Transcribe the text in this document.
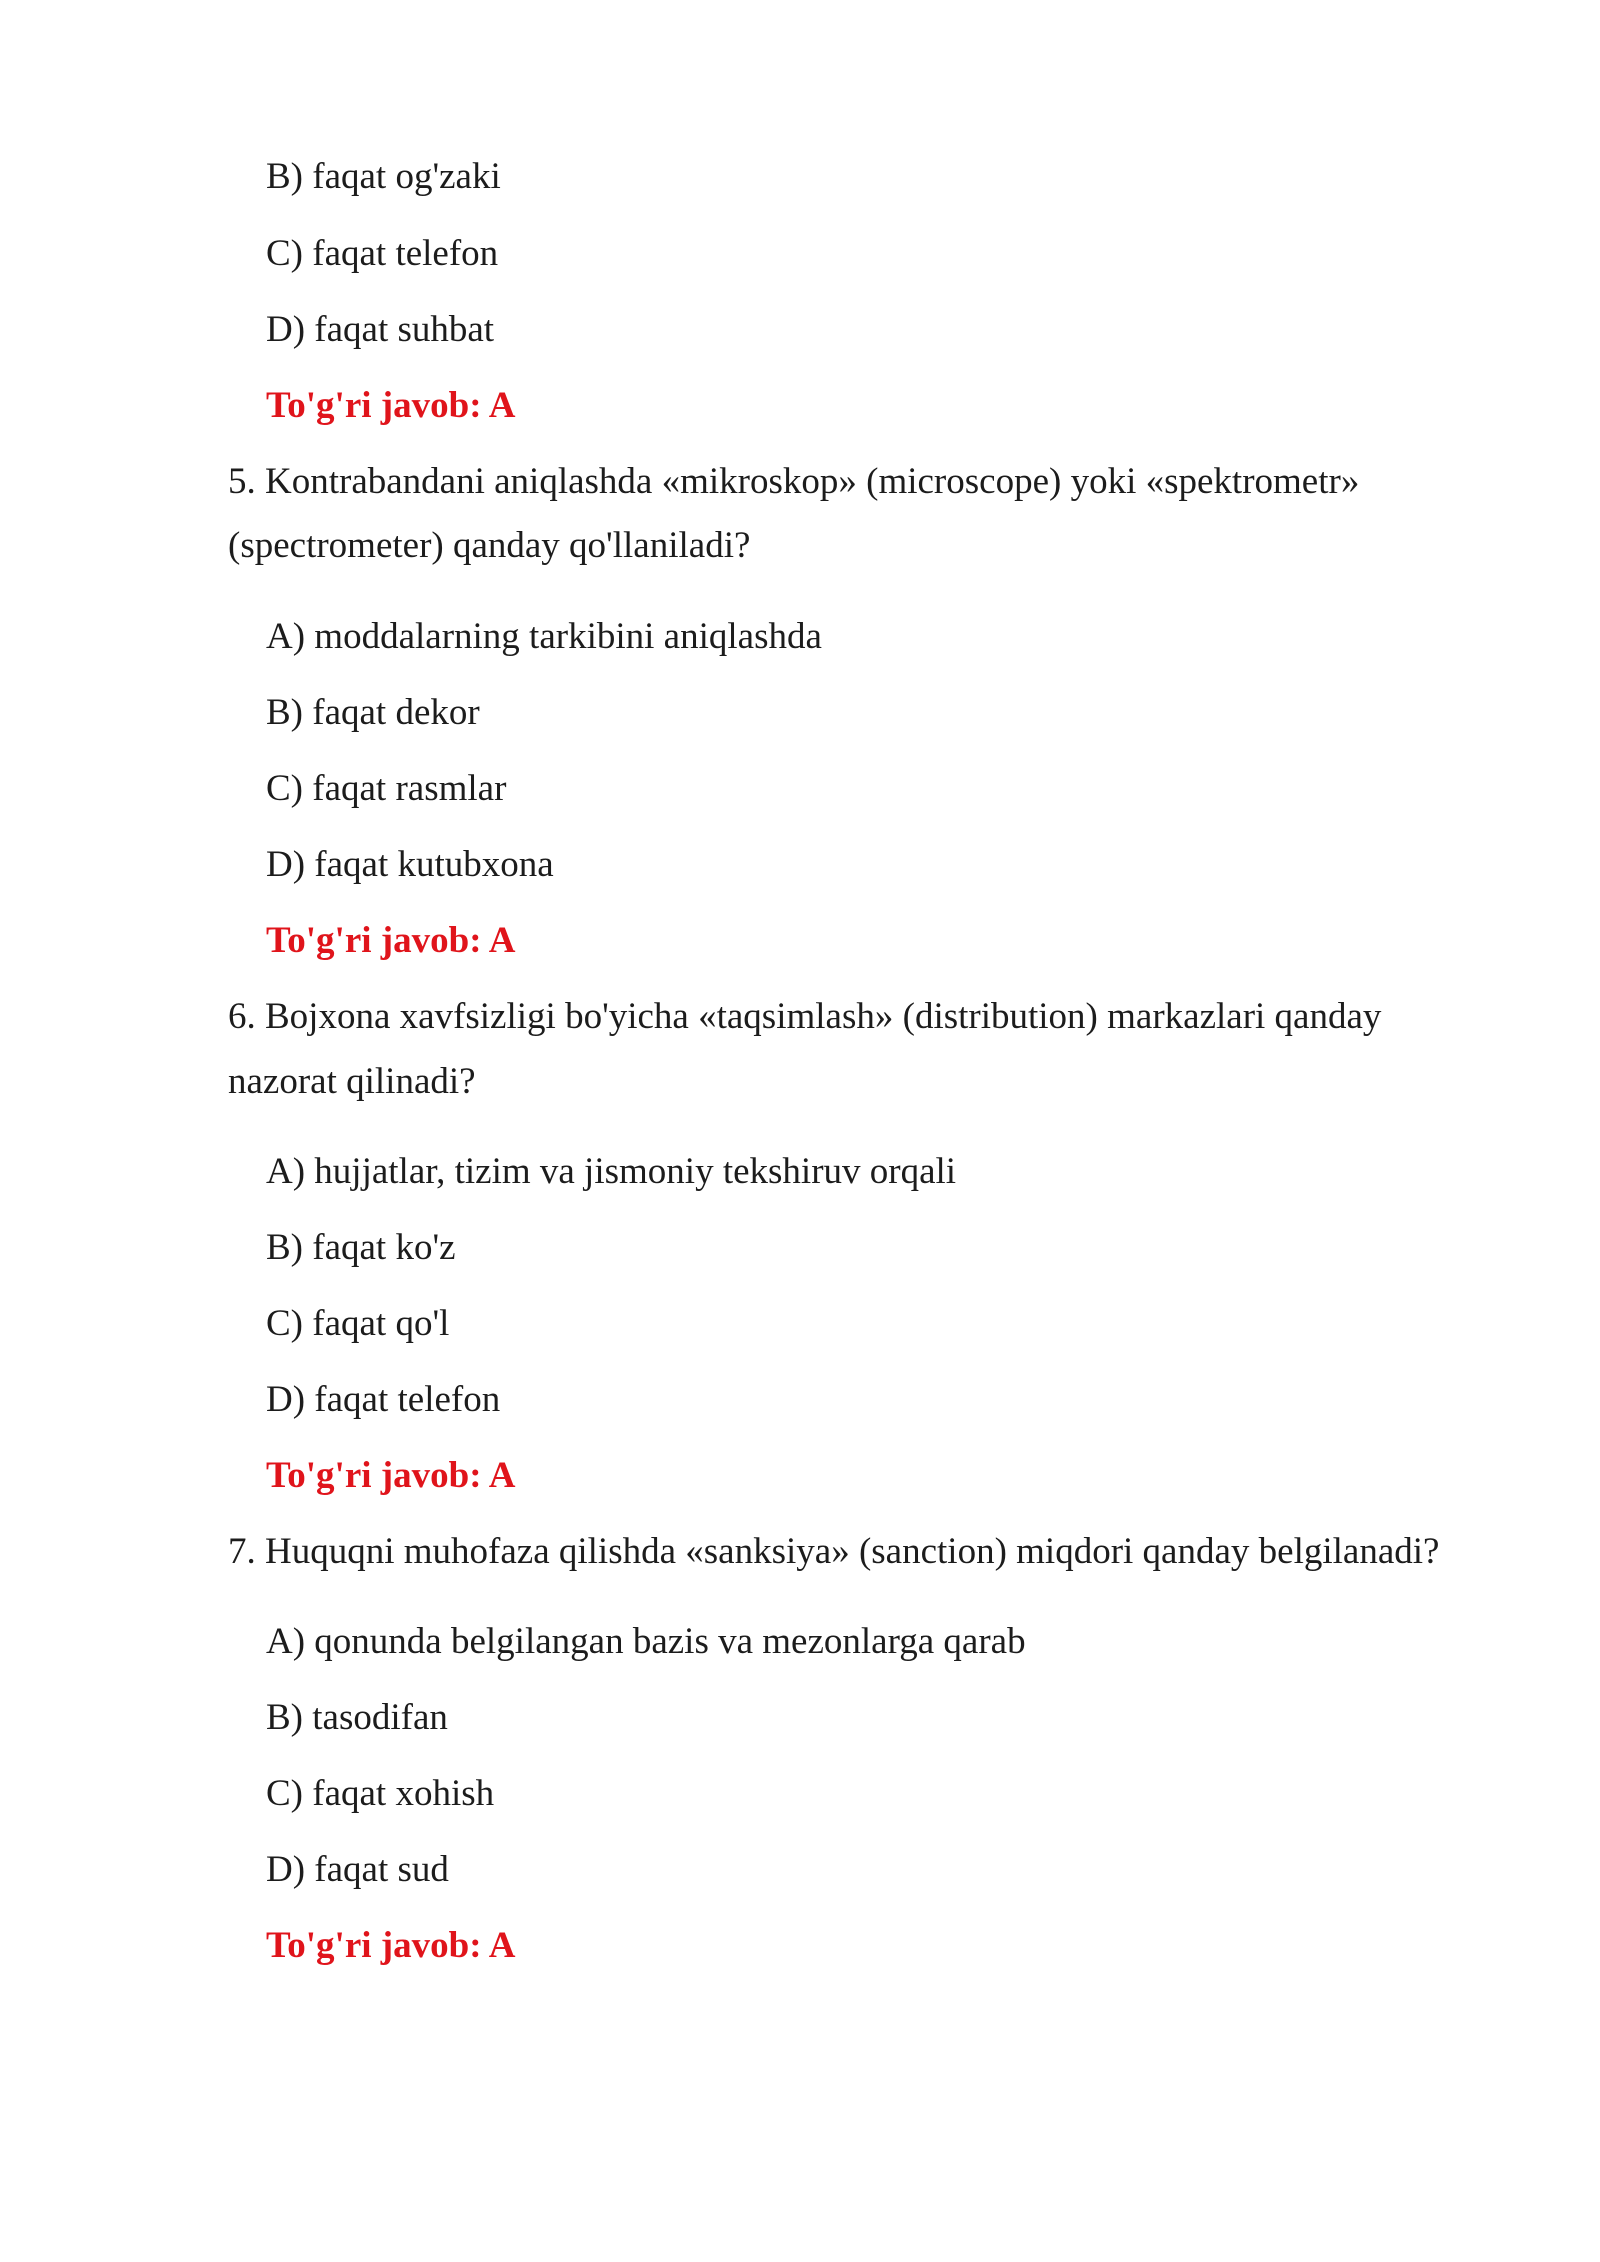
B) faqat og'zaki
C) faqat telefon
D) faqat suhbat
To'g'ri javob: A
5. Kontrabandani aniqlashda «mikroskop» (microscope) yoki «spektrometr»
(spectrometer) qanday qo'llaniladi?
A) moddalarning tarkibini aniqlashda
B) faqat dekor
C) faqat rasmlar
D) faqat kutubxona
To'g'ri javob: A
6. Bojxona xavfsizligi bo'yicha «taqsimlash» (distribution) markazlari qanday
nazorat qilinadi?
A) hujjatlar, tizim va jismoniy tekshiruv orqali
B) faqat ko'z
C) faqat qo'l
D) faqat telefon
To'g'ri javob: A
7. Huquqni muhofaza qilishda «sanksiya» (sanction) miqdori qanday belgilanadi?
A) qonunda belgilangan bazis va mezonlarga qarab
B) tasodifan
C) faqat xohish
D) faqat sud
To'g'ri javob: A
